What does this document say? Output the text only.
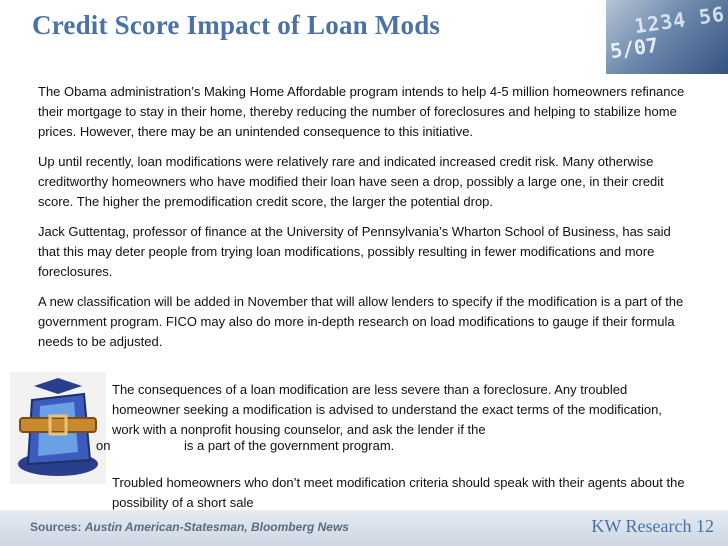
Credit Score Impact of Loan Mods	1234 56
5/07

The Obama administration’s Making Home Affordable program intends to help 4-5 million homeowners refinance their mortgage to stay in their home, thereby reducing the number of foreclosures and helping to stabilize home prices. However, there may be an unintended consequence to this initiative.

Up until recently, loan modifications were relatively rare and indicated increased credit risk. Many otherwise creditworthy homeowners who have modified their loan have seen a drop, possibly a large one, in their credit score. The higher the premodification credit score, the larger the potential drop.

Jack Guttentag, professor of finance at the University of Pennsylvania’s Wharton School of Business, has said that this may deter people from trying loan modifications, possibly resulting in fewer modifications and more foreclosures.

A new classification will be added in November that will allow lenders to specify if the modification is a part of the government program. FICO may also do more in-depth research on load modifications to gauge if their formula needs to be adjusted.

The consequences of a loan modification are less severe than a foreclosure. Any troubled homeowner seeking a modification is advised to understand the exact terms of the modification, work with a nonprofit housing counselor, and ask the lender if the
on	is a part of the government program.
Troubled homeowners who don’t meet modification criteria should speak with their agents about the possibility of a short sale
Sources: Austin American-Statesman, Bloomberg News	KW Research 12
